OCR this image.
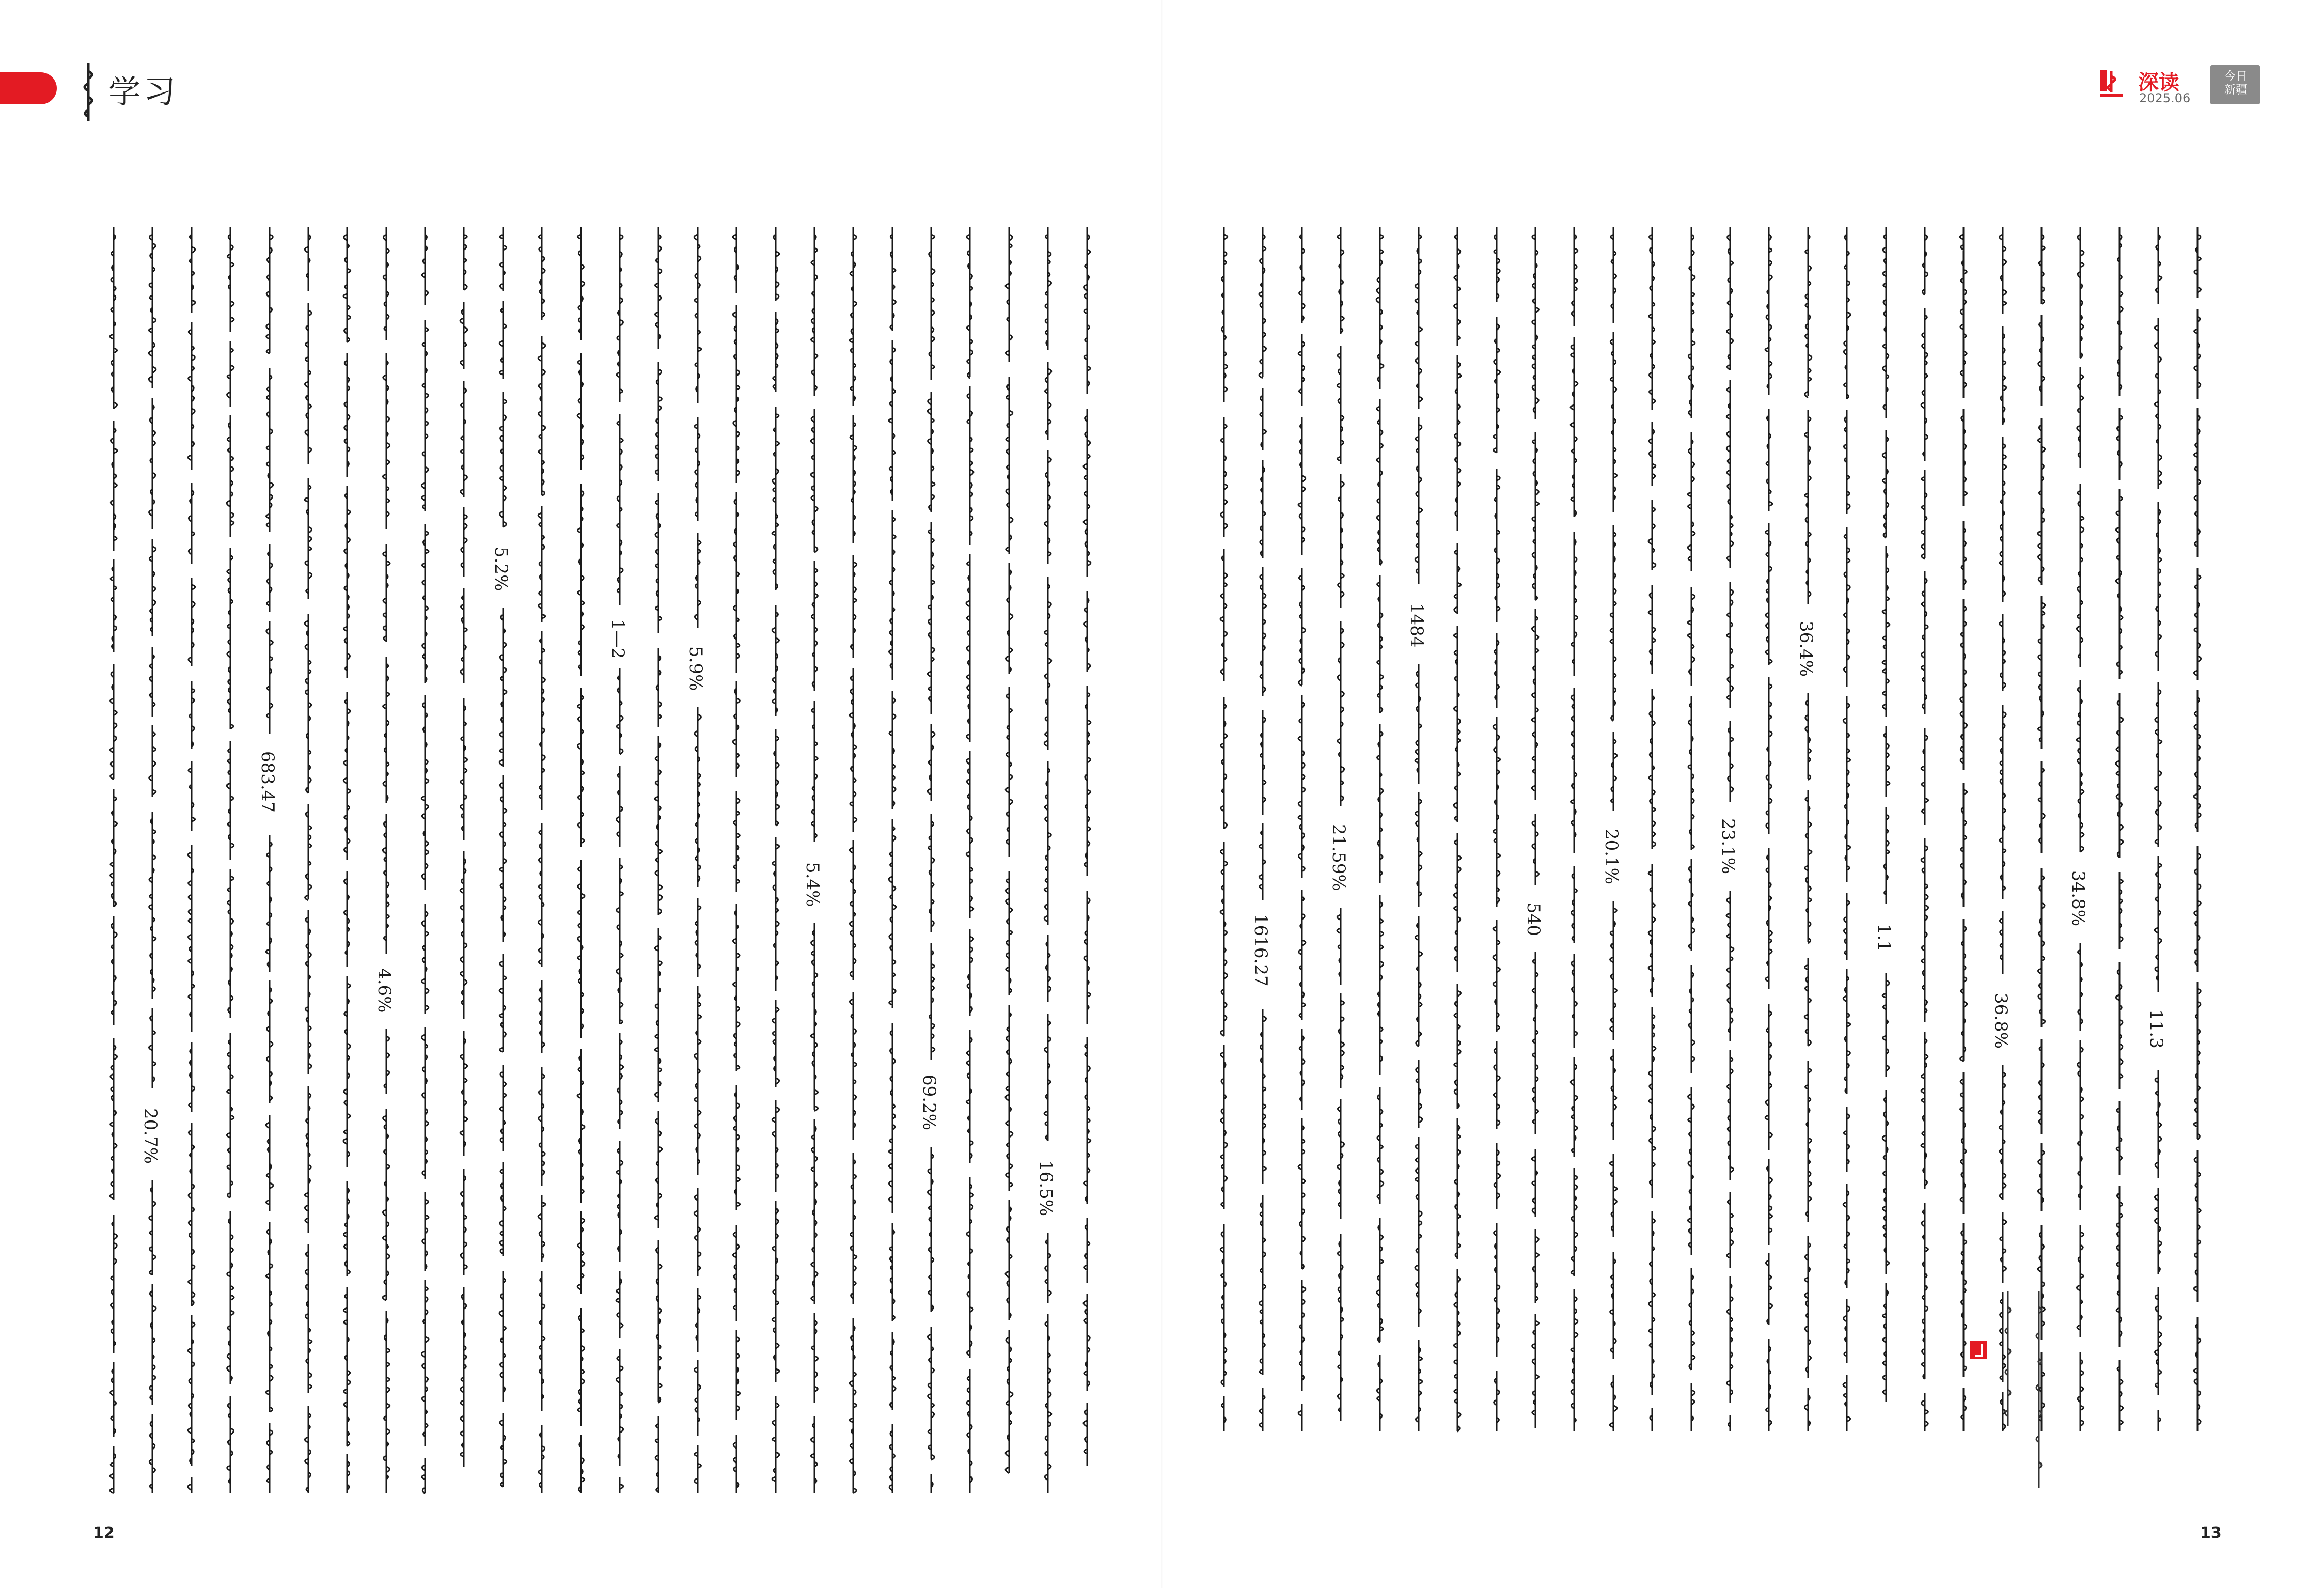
学习	深读
2025.06
今日
新疆
20.7%
683.47
4.6%
5.2%
1—2
5.9%
5.4%
69.2%
16.5%
1616.27
21.59%
1484
540
20.1%	23.1%
36.4%
1.1
36.8%
34.8%
11.3
12	13
